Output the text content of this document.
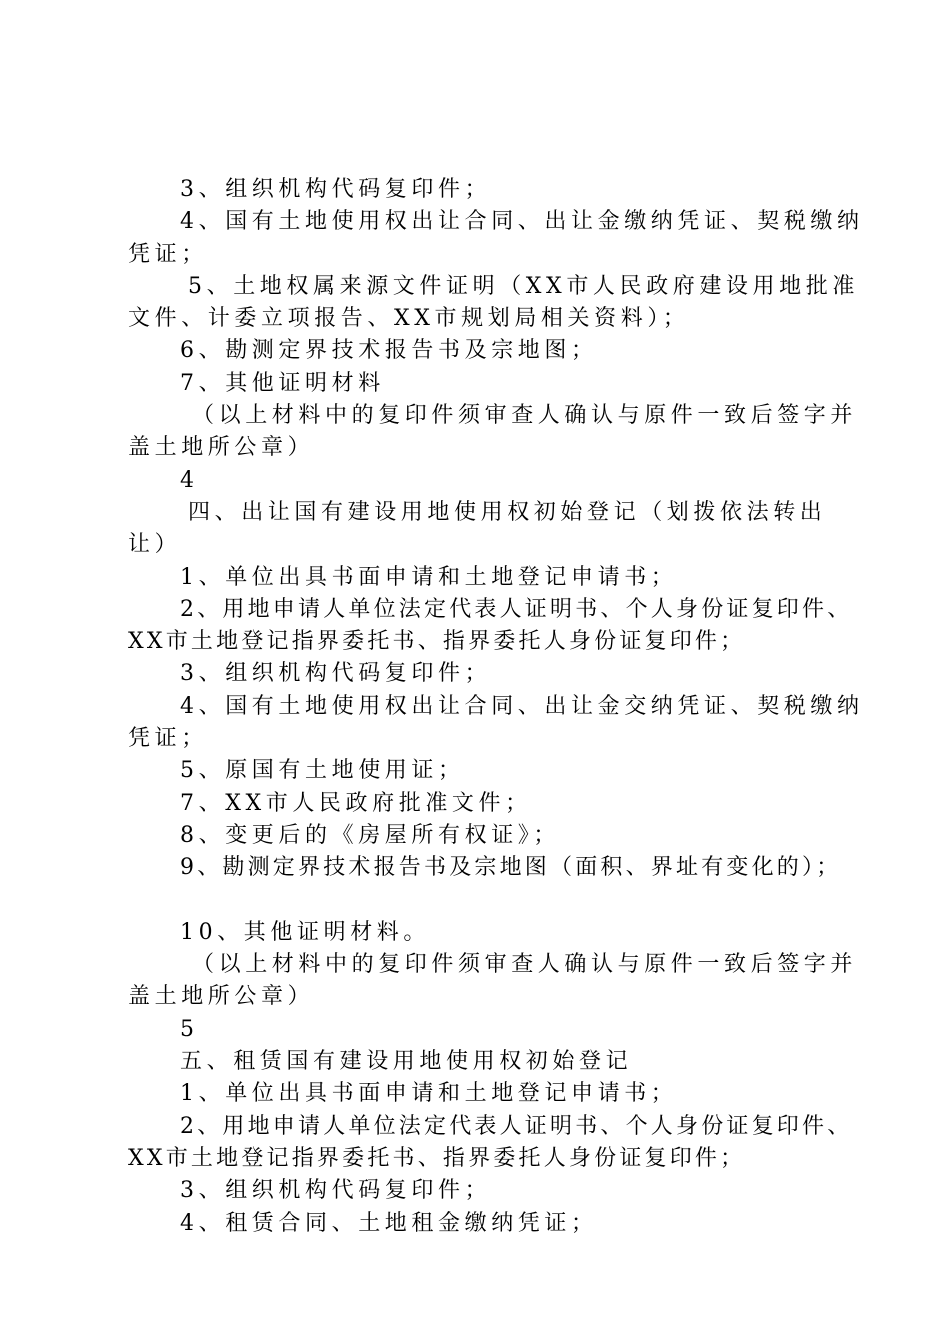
3、组织机构代码复印件；
4、国有土地使用权出让合同、出让金缴纳凭证、契税缴纳
凭证；
5、土地权属来源文件证明（XX市人民政府建设用地批准
文件、计委立项报告、XX市规划局相关资料）；
6、勘测定界技术报告书及宗地图；
7、其他证明材料
（以上材料中的复印件须审查人确认与原件一致后签字并
盖土地所公章）
4
四、出让国有建设用地使用权初始登记（划拨依法转出
让）
1、单位出具书面申请和土地登记申请书；
2、用地申请人单位法定代表人证明书、个人身份证复印件、
XX市土地登记指界委托书、指界委托人身份证复印件；
3、组织机构代码复印件；
4、国有土地使用权出让合同、出让金交纳凭证、契税缴纳
凭证；
5、原国有土地使用证；
7、XX市人民政府批准文件；
8、变更后的《房屋所有权证》；
9、勘测定界技术报告书及宗地图（面积、界址有变化的）；
10、其他证明材料。
（以上材料中的复印件须审查人确认与原件一致后签字并
盖土地所公章）
5
五、租赁国有建设用地使用权初始登记
1、单位出具书面申请和土地登记申请书；
2、用地申请人单位法定代表人证明书、个人身份证复印件、
XX市土地登记指界委托书、指界委托人身份证复印件；
3、组织机构代码复印件；
4、租赁合同、土地租金缴纳凭证；
